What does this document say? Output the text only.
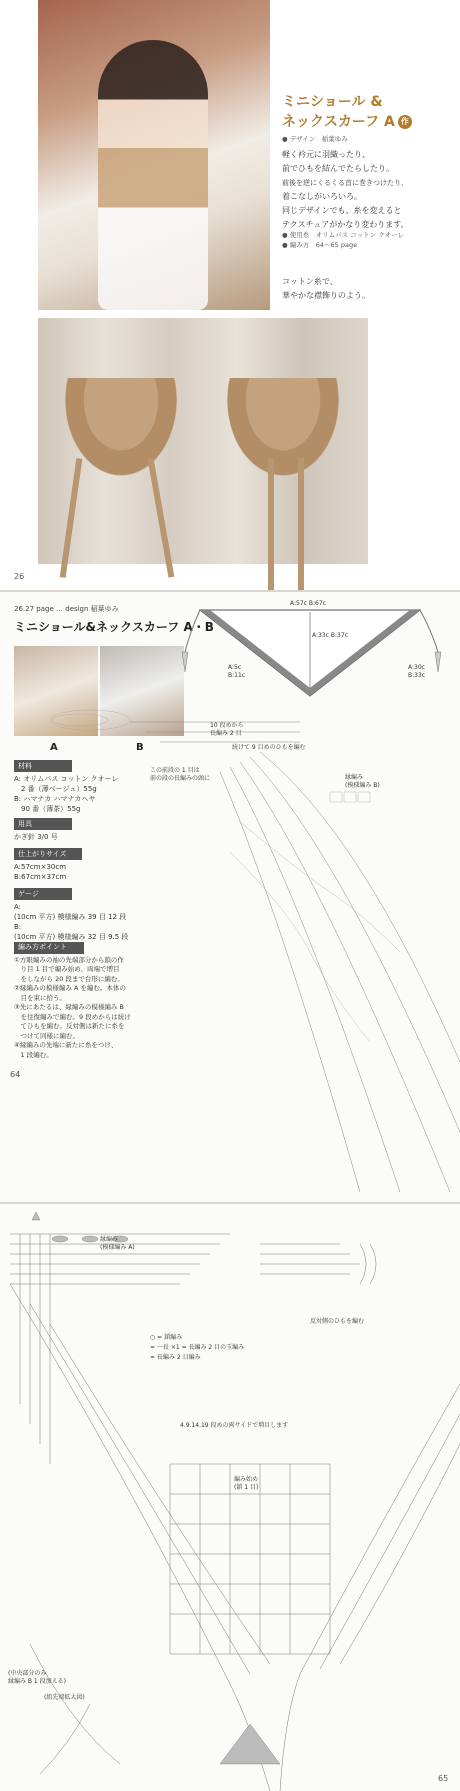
ミニショール &
ネックスカーフ A 作品
● デザイン　稲葉ゆみ
軽く衿元に羽織ったり、
前でひもを結んでたらしたり。
前後を逆にくるくる首に巻きつけたり、
着こなしがいろいろ。
同じデザインでも、糸を変えると
テクスチュアがかなり変わります。
● 使用糸　オリムパス コットン クオーレ
● 編み方　64～65 page
コットン糸で、
華やかな襟飾りのよう。
26
26.27 page … design 稲葉ゆみ
ミニショール&ネックスカーフ A・B
A	B
A:57c B:67c
A:33c B:37c
A:30c
B:33c
A:5c
B:11c
10 段めから
長編み 2 目
続けて 9 目めのひもを編む
この前段の 1 目は
前の段の長編みの頭に	縁編み
(模様編み B)
材料
A: オリムパス コットン クオーレ
　2 番（薄ベージュ）55g
B: ハマナカ ハマナカヘヤ
　90 番（薄茶）55g
用具
かぎ針 3/0 号
仕上がりサイズ
A:57cm×30cm
B:67cm×37cm
ゲージ
A:
(10cm 平方) 模様編み 39 目 12 段
B:
(10cm 平方) 模様編み 32 目 9.5 段
編み方ポイント
①方眼編みの袖の先端部分から鎖の作
　り目 1 目で編み始め、両端で増目
　をしながら 20 段まで台形に編む。
②縁編みの模様編み A を編む。本体の
　目を束に拾う。
③先にあたるは、縁編みの模様編み B
　を往復編みで編む。9 段めからは続け
　てひもを編む。反対側は新たに糸を
　つけて同様に編む。
④縁編みの先端に新たに糸をつけ、
　1 段編む。
64
縁編み
(模様編み A)
反対側のひもを編む
○ = 鎖編み
= 一長 ×1 = 長編み 2 目の玉編み
= 長編み 2 目編み
4.9.14.19 段めの両サイドで増目します
編み始め
(鎖 1 目)
(中央部分のみ
縁編み B 1 段加える)
(組先端拡大図)
65
